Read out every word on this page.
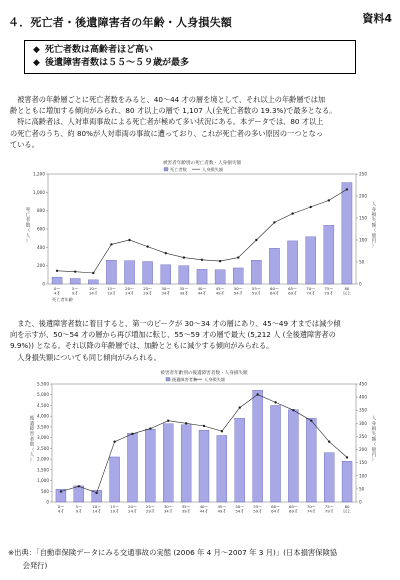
４．死亡者・後遺障害者の年齢・人身損失額	資料4
◆ 死亡者数は高齢者ほど高い
◆ 後遺障害者数は５５～５９歳が最多

　被害者の年齢層ごとに死亡者数をみると、40～44 才の層を境として、それ以上の年齢層では加

齢とともに増加する傾向がみられ、80 才以上の層で 1,107 人(全死亡者数の 19.3%)で最多となる。

　特に高齢者は、人対車両事故による死亡者が極めて多い状況にある。本データでは、80 才以上

の死亡者のうち、約 80%が人対車両の事故に遭っており、これが死亡者の多い原因の一つとなっ

ている。

被害者年齢別の死亡者数・人身損失額
死亡者数	人身損失額
0
200
400
600
800
1,000
1,200
0
50
100
150
200
250
死
亡
者
数
（
人
）
人
身
損
失
額
（
億
円
）
0～
4才
5～
9才
10～
14才
15～
19才
20～
24才
25～
29才
30～
34才
35～
39才
40～
44才
45～
49才
50～
54才
55～
59才
60～
64才
65～
69才
70～
74才
75～
79才
80
以上
死亡者年齢

　また、後遺障害者数に着目すると、第一のピークが 30～34 才の層にあり、45～49 才までは減少傾

向を示すが、50～54 才の層から再び増加に転じ、55～59 才の層で最大 (5,212 人 (全後遺障害者の

9.9%)) となる。それ以降の年齢層では、加齢とともに減少する傾向がみられる。

　人身損失額についても同じ傾向がみられる。

被害者年齢別の後遺障害者数・人身損失額
後遺障害者数 人身損失額
0
500
1,000
1,500
2,000
2,500
3,000
3,500
4,000
4,500
5,000
5,500
0
50
100
150
200
250
300
350
400
450
後
遺
障
害
者
数
（
人
）
人
身
損
失
額
（
億
円
）
0～
4才
5～
9才
10～
14才
15～
19才
20～
24才
25～
29才
30～
34才
35～
39才
40～
44才
45～
49才
50～
54才
55～
59才
60～
64才
65～
69才
70～
74才
75～
79才
80
以上
※出典：「自動車保険データにみる交通事故の実態 (2006 年 4 月～2007 年 3 月)」(日本損害保険協
　　会発行)
